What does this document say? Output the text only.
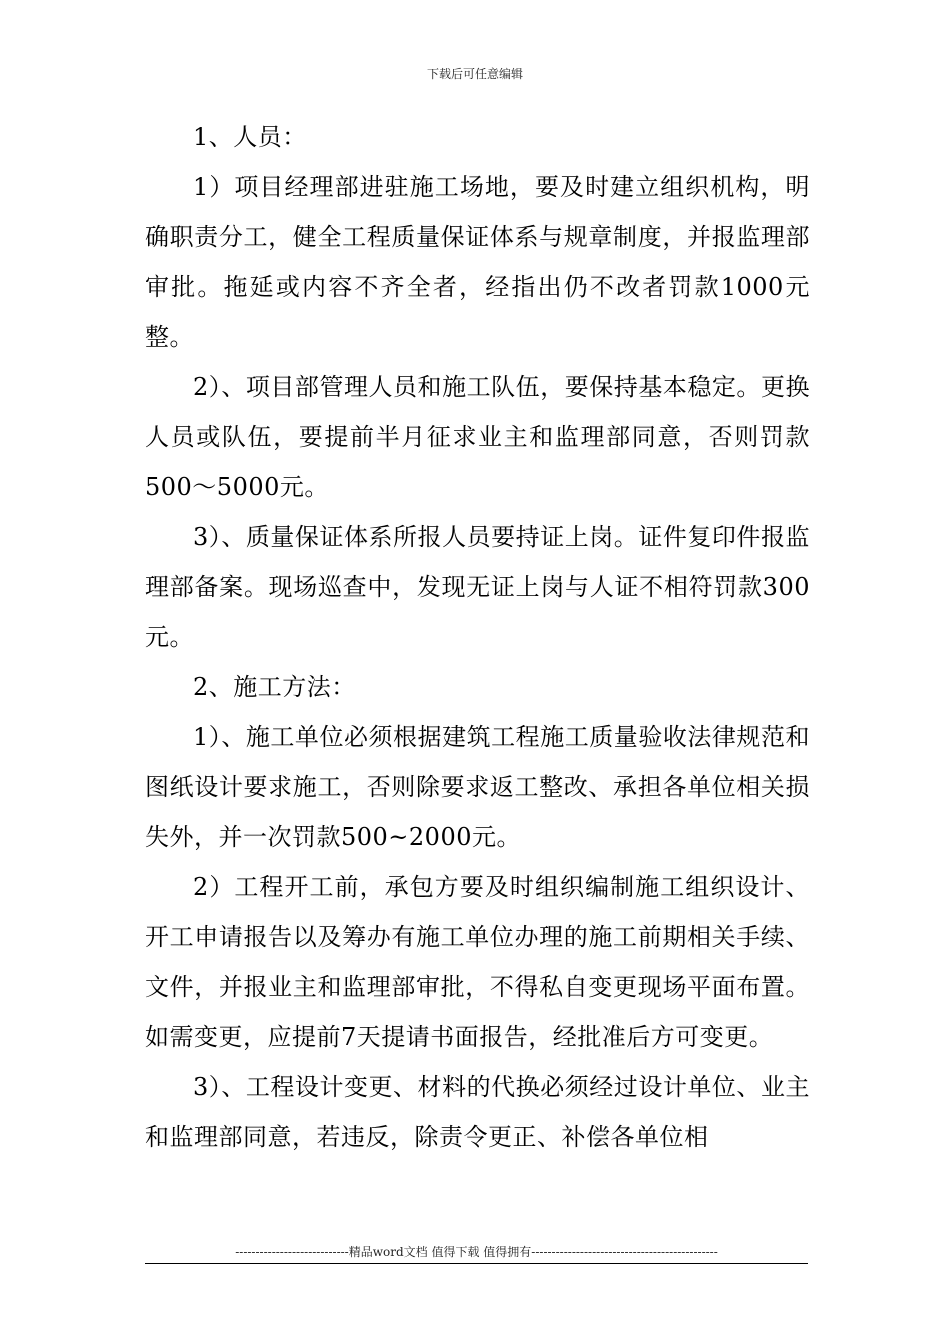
下载后可任意编辑

1、人员：

1）项目经理部进驻施工场地，要及时建立组织机构，明确职责分工，健全工程质量保证体系与规章制度，并报监理部审批。拖延或内容不齐全者，经指出仍不改者罚款1000元整。

2）、项目部管理人员和施工队伍，要保持基本稳定。更换人员或队伍，要提前半月征求业主和监理部同意，否则罚款500～5000元。

3）、质量保证体系所报人员要持证上岗。证件复印件报监理部备案。现场巡查中，发现无证上岗与人证不相符罚款300元。

2、施工方法：

1）、施工单位必须根据建筑工程施工质量验收法律规范和图纸设计要求施工，否则除要求返工整改、承担各单位相关损失外，并一次罚款500~2000元。

2）工程开工前，承包方要及时组织编制施工组织设计、开工申请报告以及筹办有施工单位办理的施工前期相关手续、文件，并报业主和监理部审批，不得私自变更现场平面布置。如需变更，应提前7天提请书面报告，经批准后方可变更。

3）、工程设计变更、材料的代换必须经过设计单位、业主和监理部同意，若违反，除责令更正、补偿各单位相

----------------------------精品word文档 值得下载 值得拥有----------------------------------------------
